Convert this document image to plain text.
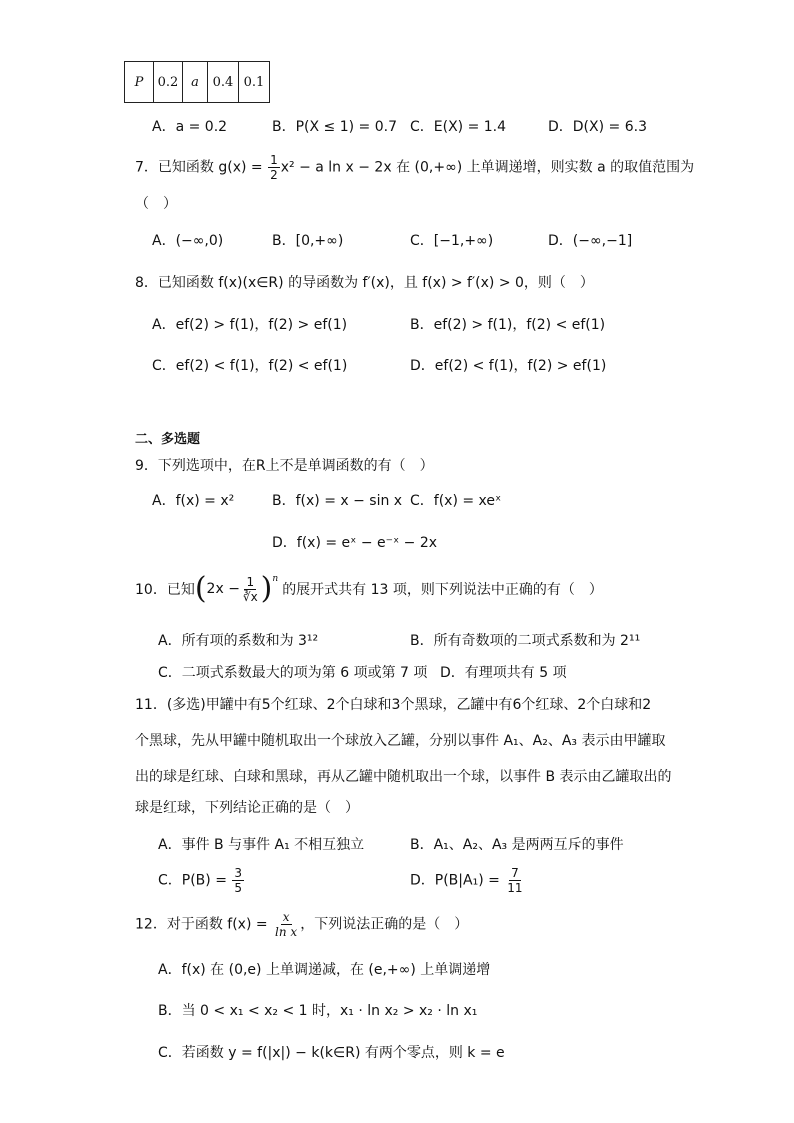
P	0.2	a	0.4	0.1
A．a = 0.2	B．P(X ≤ 1) = 0.7 C．E(X) = 1.4	D．D(X) = 6.3
7．已知函数 $g(x) = \frac{1}{2} x^2 - a$ ln x − 2x 在 (0,+∞) 上单调递增，则实数 a 的取值范围为
（　）
A．(−∞,0)	B．[0,+∞)	C．[−1,+∞)	D．(−∞,−1]
8．已知函数 f(x)(x∈R) 的导函数为 f′(x)，且 f(x) > f′(x) > 0，则（　）
A．ef(2) > f(1)，f(2) > ef(1)	B．ef(2) > f(1)，f(2) < ef(1)
C．ef(2) < f(1)，f(2) < ef(1)	D．ef(2) < f(1)，f(2) > ef(1)
二、多选题
9．下列选项中，在R上不是单调函数的有（　）
A．f(x) = x²	B．f(x) = x − sin x C．f(x) = xeˣ
D．f(x) = eˣ − e⁻ˣ − 2x
10．已知 ( $2x - \frac{1}{∛x} )^n$
的展开式共有 13 项，则下列说法中正确的有（　）
A．所有项的系数和为 3¹²	B．所有奇数项的二项式系数和为 2¹¹
C．二项式系数最大的项为第 6 项或第 7 项 D．有理项共有 5 项
11．(多选)甲罐中有5个红球、2个白球和3个黑球，乙罐中有6个红球、2个白球和2
个黑球，先从甲罐中随机取出一个球放入乙罐，分别以事件 A₁、A₂、A₃ 表示由甲罐取
出的球是红球、白球和黑球，再从乙罐中随机取出一个球，以事件 B 表示由乙罐取出的
球是红球，下列结论正确的是（　）
A．事件 B 与事件 A₁ 不相互独立	B．A₁、A₂、A₃ 是两两互斥的事件
C．$P(B) = \frac{3}{5}$	D．$P(B|A_1) = \frac{7}{11}$
12．对于函数 $f(x) = \frac{x}{\text{ln x}}$ ，下列说法正确的是（　）
A．f(x) 在 (0,e) 上单调递减，在 (e,+∞) 上单调递增
B．当 0 < x₁ < x₂ < 1 时，x₁ · ln x₂ > x₂ · ln x₁
C．若函数 y = f(|x|) − k(k∈R) 有两个零点，则 k = e
